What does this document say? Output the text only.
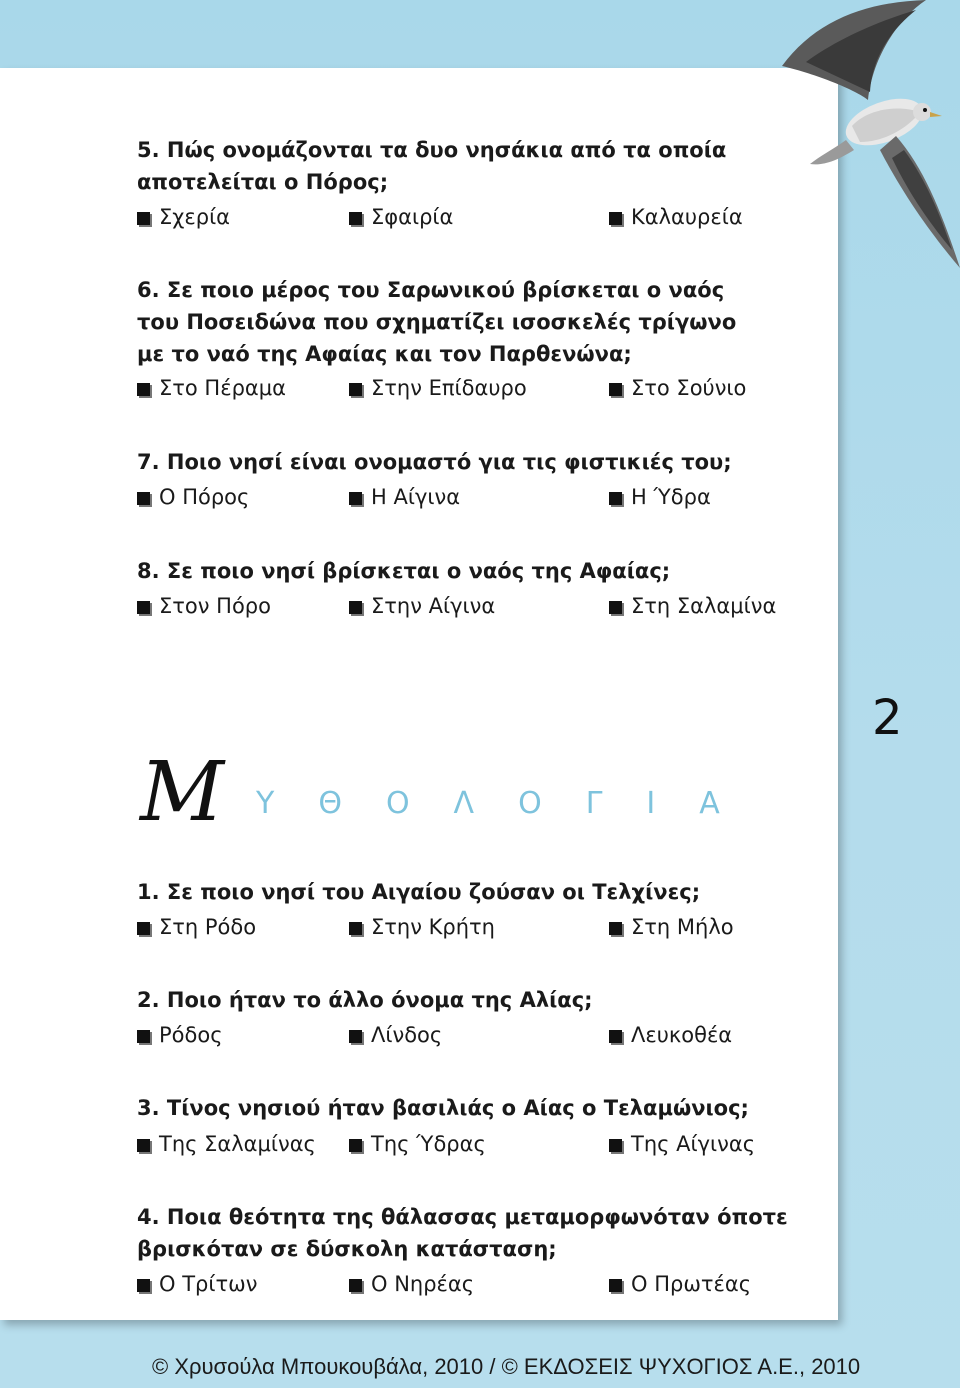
5. Πώς ονομάζονται τα δυο νησάκια από τα οποία
αποτελείται ο Πόρος;
Σχερία	Σφαιρία	Καλαυρεία
6. Σε ποιο μέρος του Σαρωνικού βρίσκεται ο ναός
του Ποσειδώνα που σχηματίζει ισοσκελές τρίγωνο
με το ναό της Αφαίας και τον Παρθενώνα;
Στο Πέραμα	Στην Επίδαυρο	Στο Σούνιο
7. Ποιο νησί είναι ονομαστό για τις φιστικιές του;
Ο Πόρος	Η Αίγινα	Η Ύδρα
8. Σε ποιο νησί βρίσκεται ο ναός της Αφαίας;
Στον Πόρο	Στην Αίγινα	Στη Σαλαμίνα
2
Μ ΥΘΟΛΟΓΙΑ
1. Σε ποιο νησί του Αιγαίου ζούσαν οι Τελχίνες;
Στη Ρόδο	Στην Κρήτη	Στη Μήλο
2. Ποιο ήταν το άλλο όνομα της Αλίας;
Ρόδος	Λίνδος	Λευκοθέα
3. Τίνος νησιού ήταν βασιλιάς ο Αίας ο Τελαμώνιος;
Της Σαλαμίνας	Της Ύδρας	Της Αίγινας
4. Ποια θεότητα της θάλασσας μεταμορφωνόταν όποτε
βρισκόταν σε δύσκολη κατάσταση;
Ο Τρίτων	Ο Νηρέας	Ο Πρωτέας
© Χρυσούλα Μπουκουβάλα, 2010 / © ΕΚΔΟΣΕΙΣ ΨΥΧΟΓΙΟΣ Α.Ε., 2010
